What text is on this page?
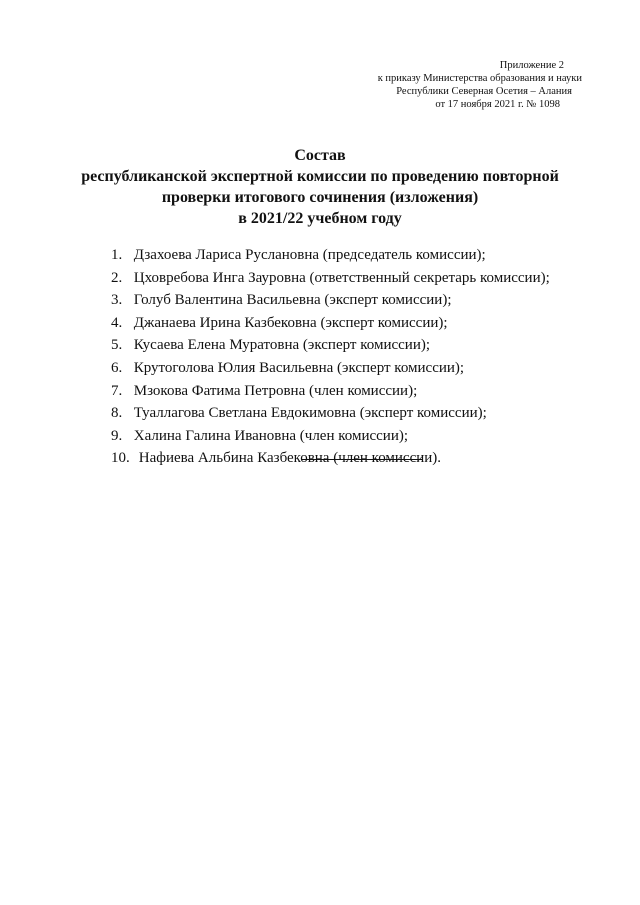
Приложение 2
к приказу Министерства образования и науки
Республики Северная Осетия – Алания
от 17 ноября 2021 г. № 1098
Состав
республиканской экспертной комиссии по проведению повторной
проверки итогового сочинения (изложения)
в 2021/22 учебном году
1. Дзахоева Лариса Руслановна (председатель комиссии);
2. Цховребова Инга Зауровна (ответственный секретарь комиссии);
3. Голуб Валентина Васильевна (эксперт комиссии);
4. Джанаева Ирина Казбековна (эксперт комиссии);
5. Кусаева Елена Муратовна (эксперт комиссии);
6. Крутоголова Юлия Васильевна (эксперт комиссии);
7. Мзокова Фатима Петровна (член комиссии);
8. Туаллагова Светлана Евдокимовна (эксперт комиссии);
9. Халина Галина Ивановна (член комиссии);
10. Нафиева Альбина Казбековна (член комиссии).
